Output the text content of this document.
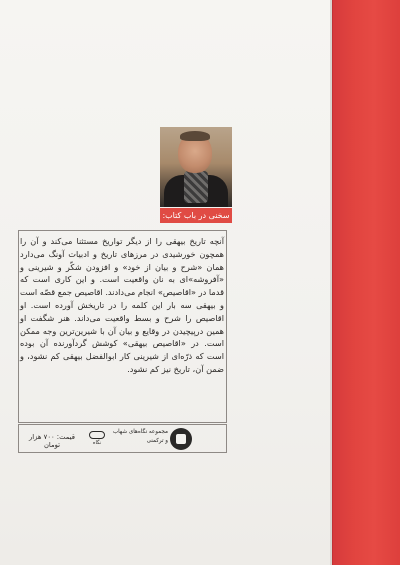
سخنی در باب کتاب:

آنچه تاریخ بیهقی را از دیگر تواریخ مستثنا می‌کند و آن را همچون خورشیدی در مرزهای تاریخ و ادبیات آونگ می‌دارد همان «شرح و بیان از خود» و افزودن شکّر و شیرینی و «آفروشه»ای به نان واقعیت است. و این کاری است که قدما در «اقاصیص» انجام می‌دادند. اقاصیص جمع قصّه است و بیهقی سه بار این کلمه را در تاریخش آورده است. او اقاصیص را شرح و بسط واقعیت می‌داند. هنر شگفت او همین درپیچیدن در وقایع و بیان آن با شیرین‌ترین وجه ممکن است. در «اقاصیص بیهقی» کوشش گردآورنده آن بوده است که ذرّه‌ای از شیرینی کار ابوالفضل بیهقی کم نشود، و ضمن آن، تاریخ نیز کم نشود.

مجموعه نگاه‌های شهاب و ترکمنی
نگاه
قیمت: ۷۰۰ هزار تومان
